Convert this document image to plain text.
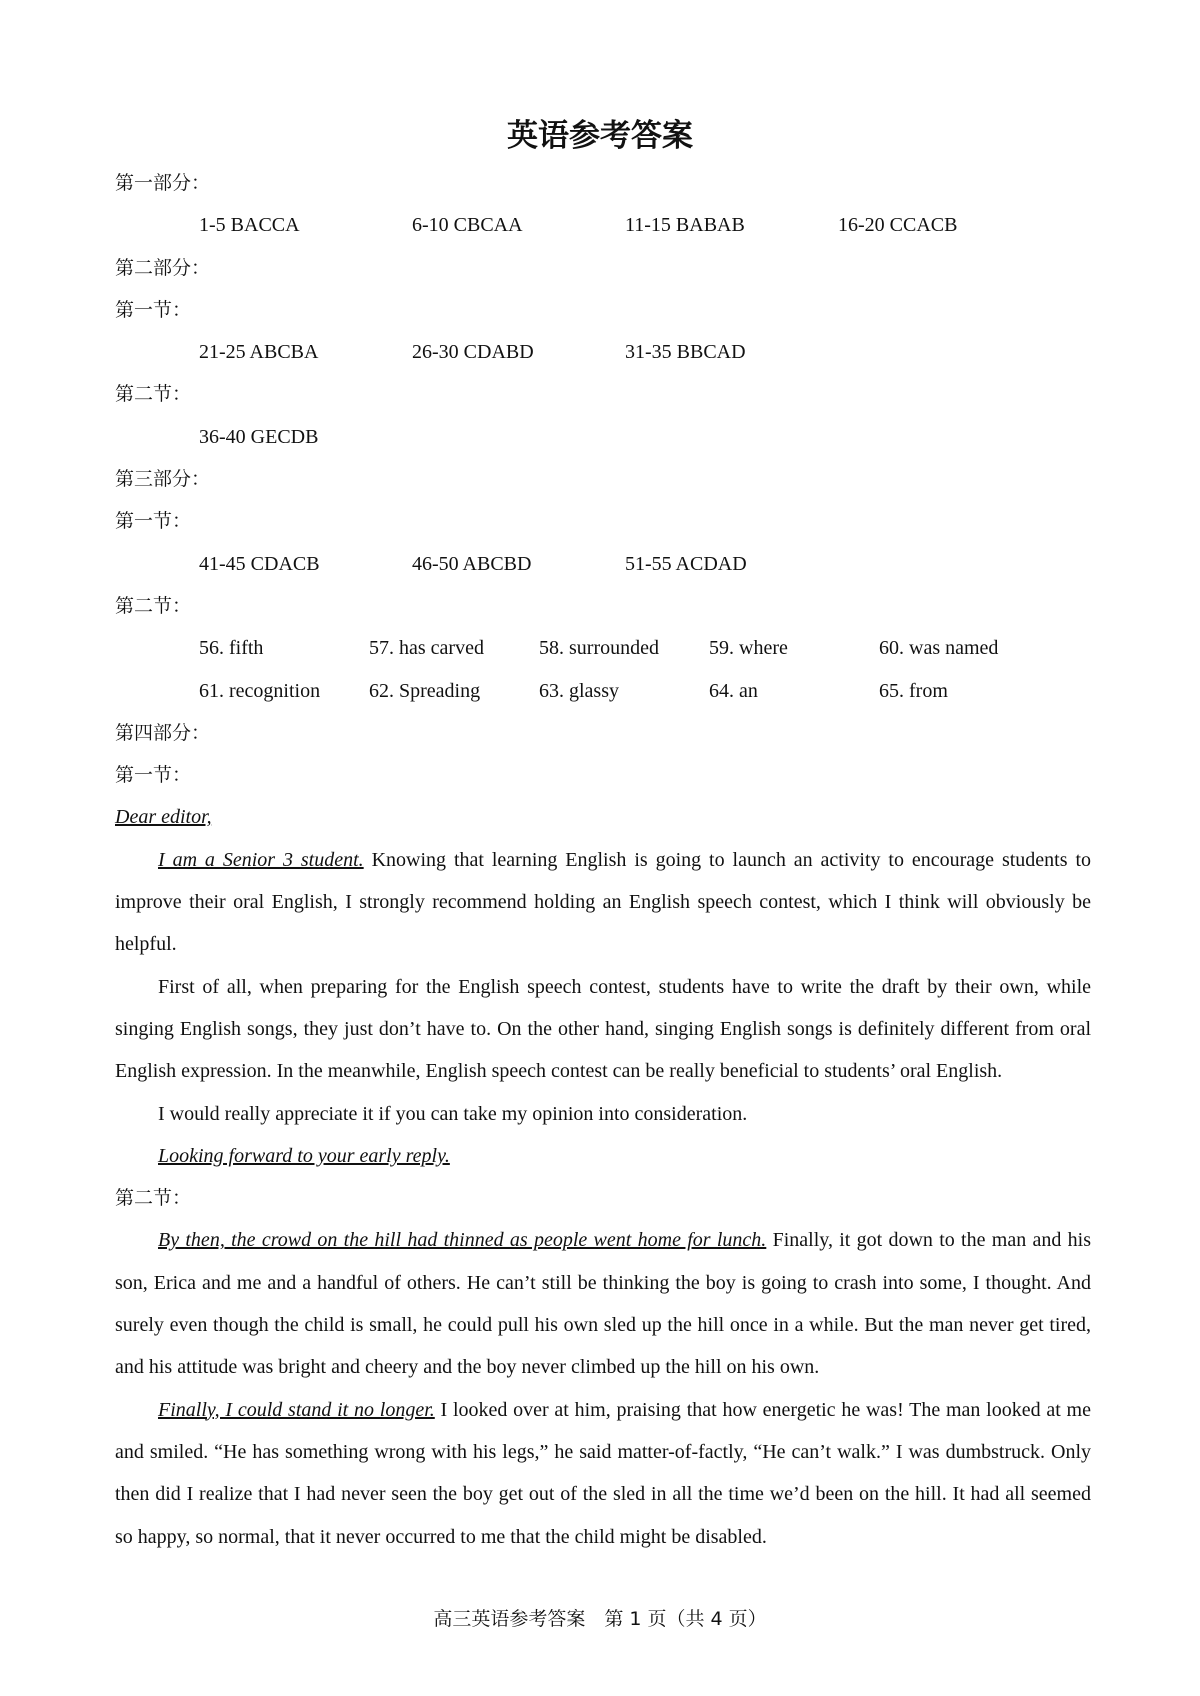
英语参考答案
第一部分：
1-5 BACCA	6-10 CBCAA	11-15 BABAB	16-20 CCACB
第二部分：
第一节：
21-25 ABCBA	26-30 CDABD	31-35 BBCAD
第二节：
36-40 GECDB
第三部分：
第一节：
41-45 CDACB	46-50 ABCBD	51-55 ACDAD
第二节：
56. fifth	57. has carved	58. surrounded	59. where	60. was named
61. recognition	62. Spreading	63. glassy	64. an	65. from
第四部分：
第一节：

Dear editor,

I am a Senior 3 student. Knowing that learning English is going to launch an activity to encourage students to improve their oral English, I strongly recommend holding an English speech contest, which I think will obviously be helpful.

First of all, when preparing for the English speech contest, students have to write the draft by their own, while singing English songs, they just don’t have to. On the other hand, singing English songs is definitely different from oral English expression. In the meanwhile, English speech contest can be really beneficial to students’ oral English.

I would really appreciate it if you can take my opinion into consideration.

Looking forward to your early reply.

第二节：

By then, the crowd on the hill had thinned as people went home for lunch. Finally, it got down to the man and his son, Erica and me and a handful of others. He can’t still be thinking the boy is going to crash into some, I thought. And surely even though the child is small, he could pull his own sled up the hill once in a while. But the man never get tired, and his attitude was bright and cheery and the boy never climbed up the hill on his own.

Finally, I could stand it no longer. I looked over at him, praising that how energetic he was! The man looked at me and smiled. “He has something wrong with his legs,” he said matter-of-factly, “He can’t walk.” I was dumbstruck. Only then did I realize that I had never seen the boy get out of the sled in all the time we’d been on the hill. It had all seemed so happy, so normal, that it never occurred to me that the child might be disabled.

高三英语参考答案　第 1 页（共 4 页）
